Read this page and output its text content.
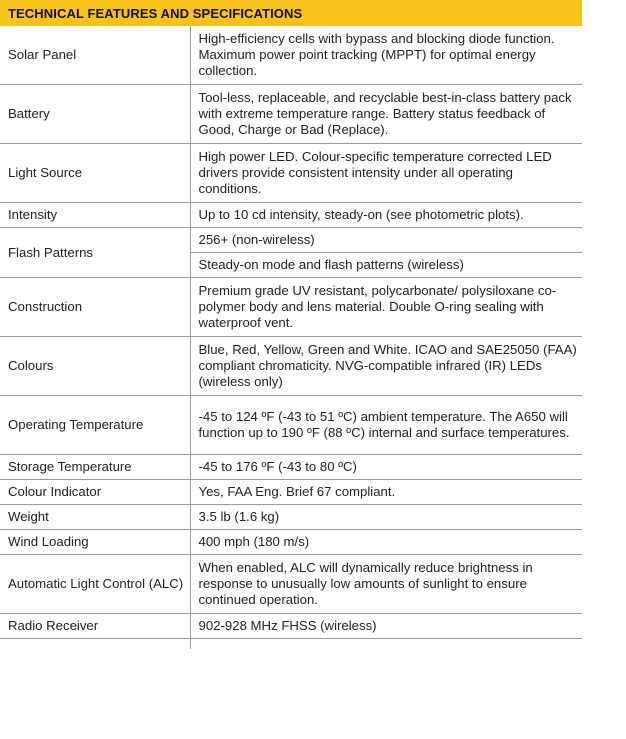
TECHNICAL FEATURES AND SPECIFICATIONS
Solar Panel	High-efficiency cells with bypass and blocking diode function. Maximum power point tracking (MPPT) for optimal energy collection.
Battery	Tool-less, replaceable, and recyclable best-in-class battery pack with extreme temperature range. Battery status feedback of Good, Charge or Bad (Replace).
Light Source	High power LED. Colour-specific temperature corrected LED drivers provide consistent intensity under all operating conditions.
Intensity	Up to 10 cd intensity, steady-on (see photometric plots).
Flash Patterns	256+ (non-wireless)
	Steady-on mode and flash patterns (wireless)
Construction	Premium grade UV resistant, polycarbonate/ polysiloxane co-polymer body and lens material. Double O-ring sealing with waterproof vent.
Colours	Blue, Red, Yellow, Green and White. ICAO and SAE25050 (FAA) compliant chromaticity. NVG-compatible infrared (IR) LEDs (wireless only)
Operating Temperature	-45 to 124 ºF (-43 to 51 ºC) ambient temperature. The A650 will function up to 190 ºF (88 ºC) internal and surface temperatures.
Storage Temperature	-45 to 176 ºF (-43 to 80 ºC)
Colour Indicator	Yes, FAA Eng. Brief 67 compliant.
Weight	3.5 lb (1.6 kg)
Wind Loading	400 mph (180 m/s)
Automatic Light Control (ALC)	When enabled, ALC will dynamically reduce brightness in response to unusually low amounts of sunlight to ensure continued operation.
Radio Receiver	902-928 MHz FHSS (wireless)
